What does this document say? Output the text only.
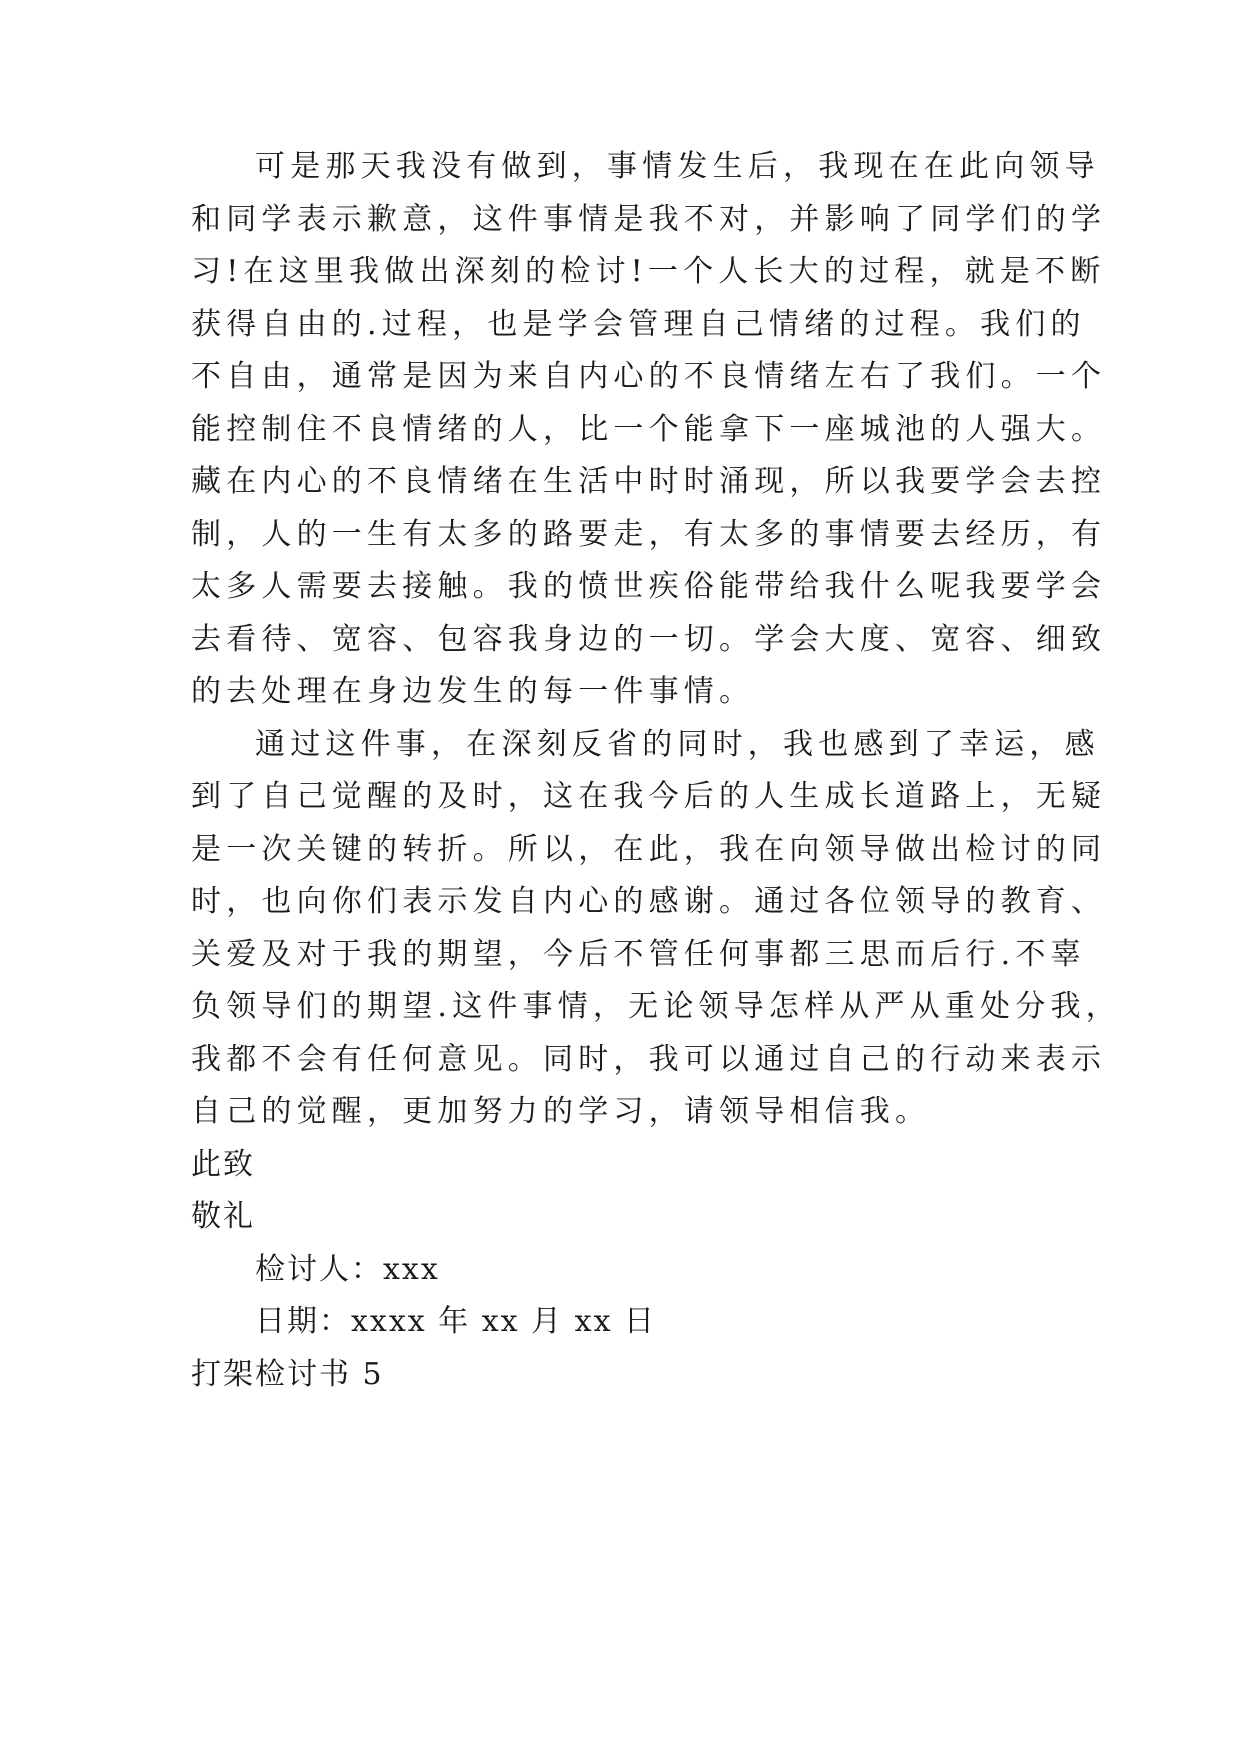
可是那天我没有做到，事情发生后，我现在在此向领导
和同学表示歉意，这件事情是我不对，并影响了同学们的学
习!在这里我做出深刻的检讨!一个人长大的过程，就是不断
获得自由的.过程，也是学会管理自己情绪的过程。我们的
不自由，通常是因为来自内心的不良情绪左右了我们。一个
能控制住不良情绪的人，比一个能拿下一座城池的人强大。
藏在内心的不良情绪在生活中时时涌现，所以我要学会去控
制，人的一生有太多的路要走，有太多的事情要去经历，有
太多人需要去接触。我的愤世疾俗能带给我什么呢我要学会
去看待、宽容、包容我身边的一切。学会大度、宽容、细致
的去处理在身边发生的每一件事情。
通过这件事，在深刻反省的同时，我也感到了幸运，感
到了自己觉醒的及时，这在我今后的人生成长道路上，无疑
是一次关键的转折。所以，在此，我在向领导做出检讨的同
时，也向你们表示发自内心的感谢。通过各位领导的教育、
关爱及对于我的期望，今后不管任何事都三思而后行.不辜
负领导们的期望.这件事情，无论领导怎样从严从重处分我，
我都不会有任何意见。同时，我可以通过自己的行动来表示
自己的觉醒，更加努力的学习，请领导相信我。
此致
敬礼
检讨人：xxx
日期：xxxx 年 xx 月 xx 日
打架检讨书 5
